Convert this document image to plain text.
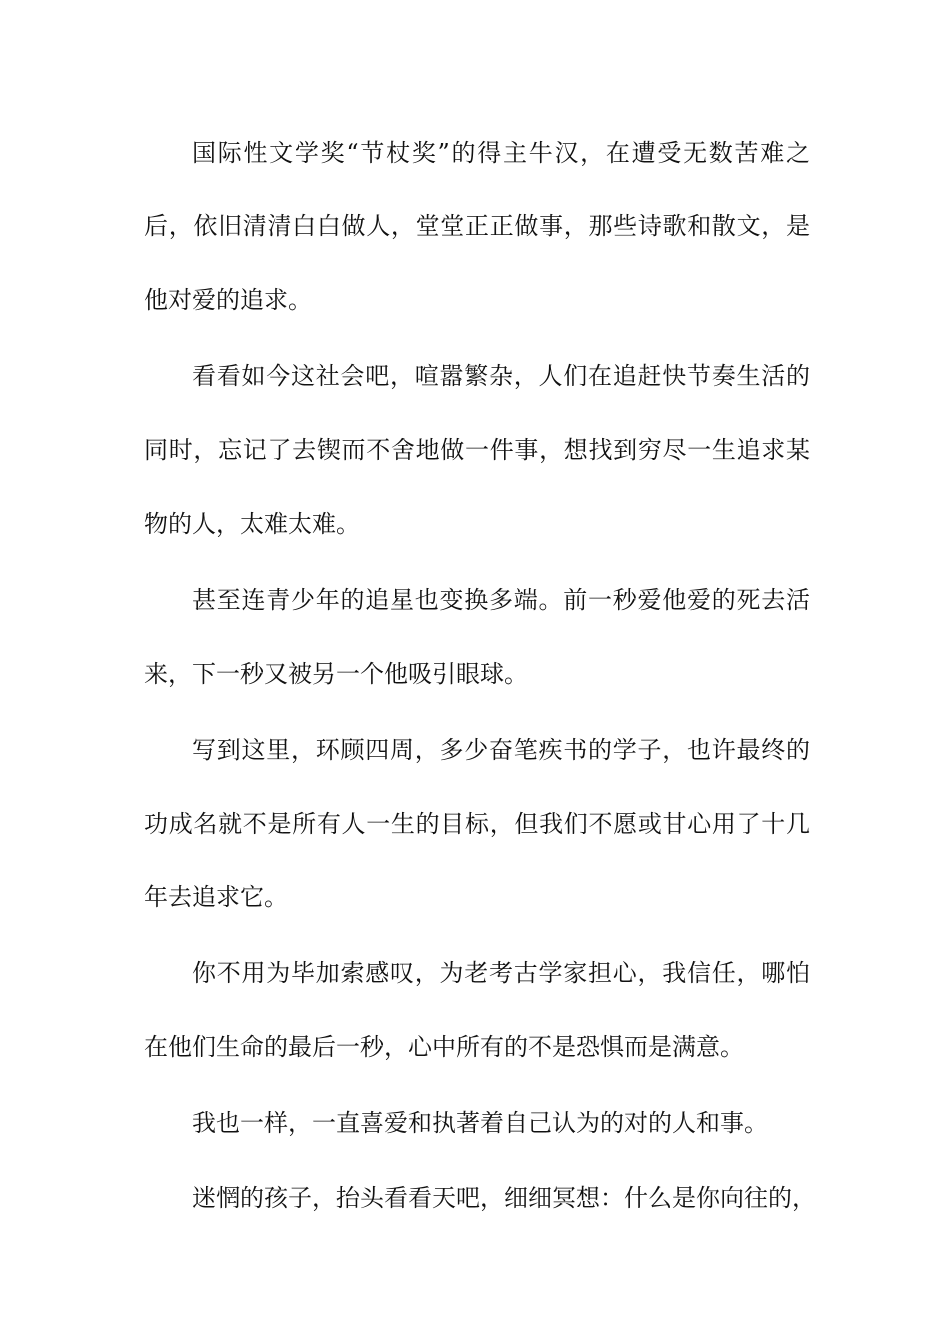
国际性文学奖“节杖奖”的得主牛汉，在遭受无数苦难之
后，依旧清清白白做人，堂堂正正做事，那些诗歌和散文，是
他对爱的追求。
看看如今这社会吧，喧嚣繁杂，人们在追赶快节奏生活的
同时，忘记了去锲而不舍地做一件事，想找到穷尽一生追求某
物的人，太难太难。
甚至连青少年的追星也变换多端。前一秒爱他爱的死去活
来，下一秒又被另一个他吸引眼球。
写到这里，环顾四周，多少奋笔疾书的学子，也许最终的
功成名就不是所有人一生的目标，但我们不愿或甘心用了十几
年去追求它。
你不用为毕加索感叹，为老考古学家担心，我信任，哪怕
在他们生命的最后一秒，心中所有的不是恐惧而是满意。
我也一样，一直喜爱和执著着自己认为的对的人和事。
迷惘的孩子，抬头看看天吧，细细冥想：什么是你向往的，
